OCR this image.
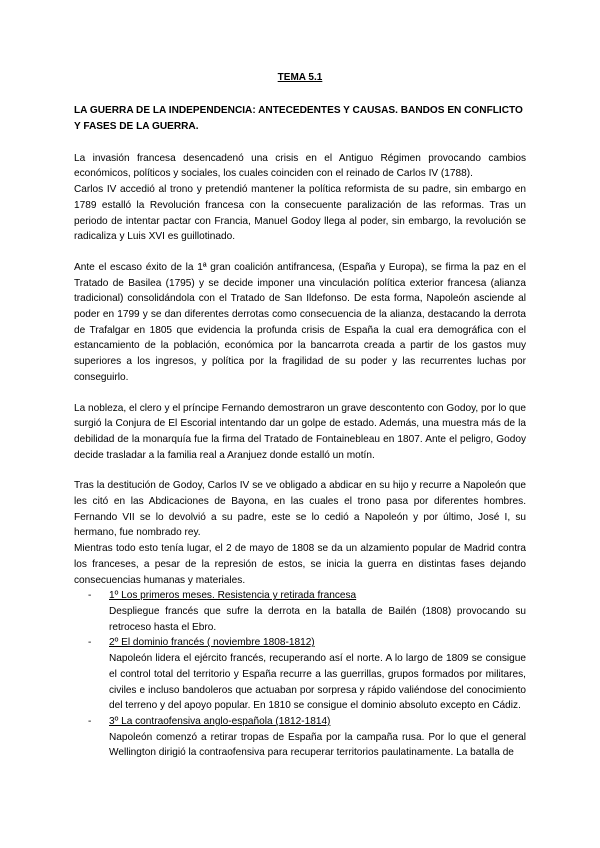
TEMA 5.1
LA GUERRA DE LA INDEPENDENCIA: ANTECEDENTES Y CAUSAS. BANDOS EN CONFLICTO Y FASES DE LA GUERRA.

La invasión francesa desencadenó una crisis en el Antiguo Régimen provocando cambios económicos, políticos y sociales, los cuales coinciden con el reinado de Carlos IV (1788).

Carlos IV accedió al trono y pretendió mantener la política reformista de su padre, sin embargo en 1789 estalló la Revolución francesa con la consecuente paralización de las reformas. Tras un periodo de intentar pactar con Francia, Manuel Godoy llega al poder, sin embargo, la revolución se radicaliza y Luis XVI es guillotinado.

Ante el escaso éxito de la 1ª gran coalición antifrancesa, (España y Europa), se firma la paz en el Tratado de Basilea (1795) y se decide imponer una vinculación política exterior francesa (alianza tradicional) consolidándola con el Tratado de San Ildefonso. De esta forma, Napoleón asciende al poder en 1799 y se dan diferentes derrotas como consecuencia de la alianza, destacando la derrota de Trafalgar en 1805 que evidencia la profunda crisis de España la cual era demográfica con el estancamiento de la población, económica por la bancarrota creada a partir de los gastos muy superiores a los ingresos, y política por la fragilidad de su poder y las recurrentes luchas por conseguirlo.

La nobleza, el clero y el príncipe Fernando demostraron un grave descontento con Godoy, por lo que surgió la Conjura de El Escorial intentando dar un golpe de estado. Además, una muestra más de la debilidad de la monarquía fue la firma del Tratado de Fontainebleau en 1807. Ante el peligro, Godoy decide trasladar a la familia real a Aranjuez donde estalló un motín.

Tras la destitución de Godoy, Carlos IV se ve obligado a abdicar en su hijo y recurre a Napoleón que les citó en las Abdicaciones de Bayona, en las cuales el trono pasa por diferentes hombres. Fernando VII se lo devolvió a su padre, este se lo cedió a Napoleón y por último, José I, su hermano, fue nombrado rey.

Mientras todo esto tenía lugar, el 2 de mayo de 1808 se da un alzamiento popular de Madrid contra los franceses, a pesar de la represión de estos, se inicia la guerra en distintas fases dejando consecuencias humanas y materiales.

- 1º Los primeros meses. Resistencia y retirada francesa
Despliegue francés que sufre la derrota en la batalla de Bailén (1808) provocando su retroceso hasta el Ebro.
- 2º El dominio francés ( noviembre 1808-1812)
Napoleón lidera el ejército francés, recuperando así el norte. A lo largo de 1809 se consigue el control total del territorio y España recurre a las guerrillas, grupos formados por militares, civiles e incluso bandoleros que actuaban por sorpresa y rápido valiéndose del conocimiento del terreno y del apoyo popular. En 1810 se consigue el dominio absoluto excepto en Cádiz.
- 3º La contraofensiva anglo-española (1812-1814)
Napoleón comenzó a retirar tropas de España por la campaña rusa. Por lo que el general Wellington dirigió la contraofensiva para recuperar territorios paulatinamente. La batalla de
